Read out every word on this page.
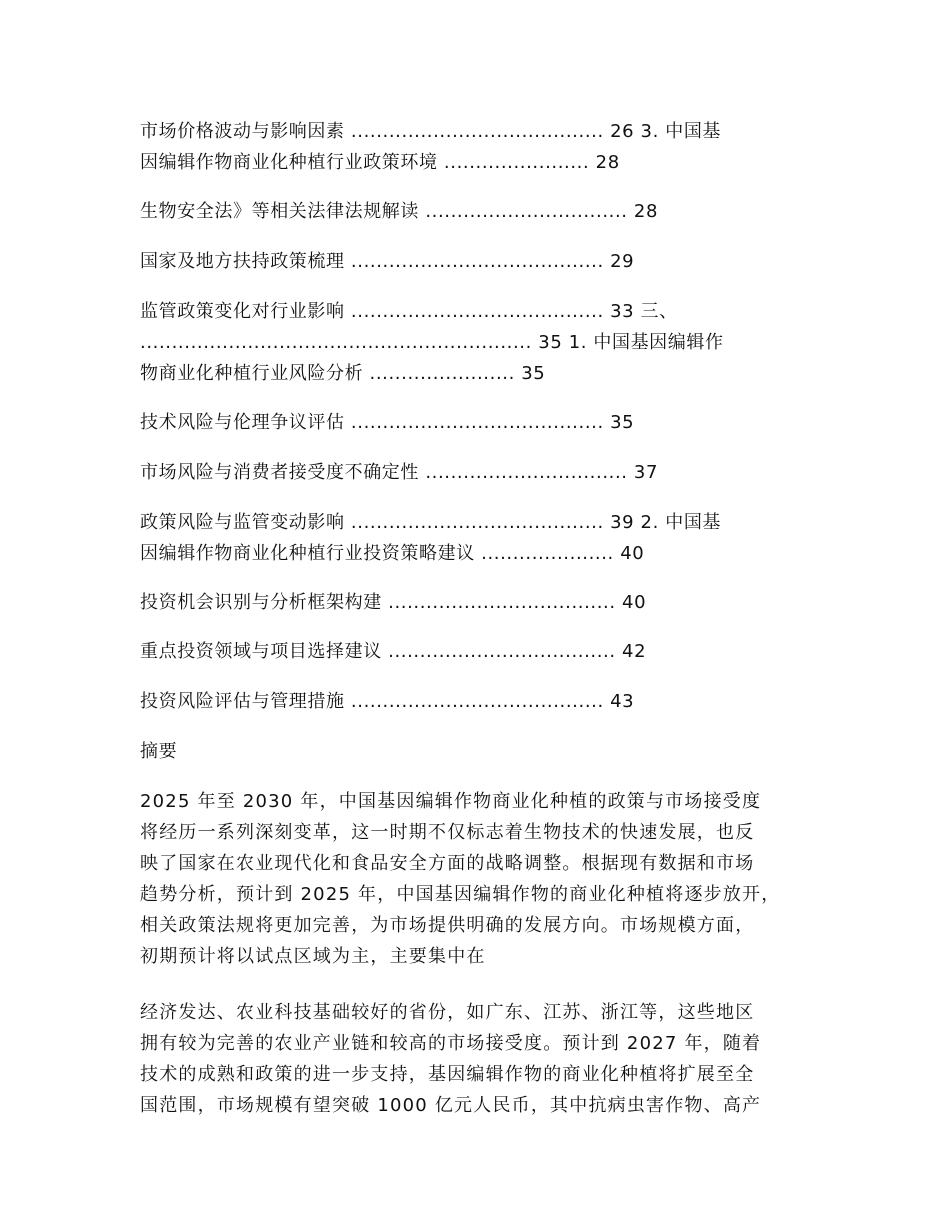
市场价格波动与影响因素 ........................................ 26 3. 中国基
因编辑作物商业化种植行业政策环境 ....................... 28
生物安全法》等相关法律法规解读 ................................ 28
国家及地方扶持政策梳理 ........................................ 29
监管政策变化对行业影响 ........................................ 33 三、
.............................................................. 35 1. 中国基因编辑作
物商业化种植行业风险分析 ....................... 35
技术风险与伦理争议评估 ........................................ 35
市场风险与消费者接受度不确定性 ................................ 37
政策风险与监管变动影响 ........................................ 39 2. 中国基
因编辑作物商业化种植行业投资策略建议 ..................... 40
投资机会识别与分析框架构建 .................................... 40
重点投资领域与项目选择建议 .................................... 42
投资风险评估与管理措施 ........................................ 43
摘要
2025 年至 2030 年，中国基因编辑作物商业化种植的政策与市场接受度
将经历一系列深刻变革，这一时期不仅标志着生物技术的快速发展，也反
映了国家在农业现代化和食品安全方面的战略调整。根据现有数据和市场
趋势分析，预计到 2025 年，中国基因编辑作物的商业化种植将逐步放开，
相关政策法规将更加完善，为市场提供明确的发展方向。市场规模方面，
初期预计将以试点区域为主，主要集中在
经济发达、农业科技基础较好的省份，如广东、江苏、浙江等，这些地区
拥有较为完善的农业产业链和较高的市场接受度。预计到 2027 年，随着
技术的成熟和政策的进一步支持，基因编辑作物的商业化种植将扩展至全
国范围，市场规模有望突破 1000 亿元人民币，其中抗病虫害作物、高产
